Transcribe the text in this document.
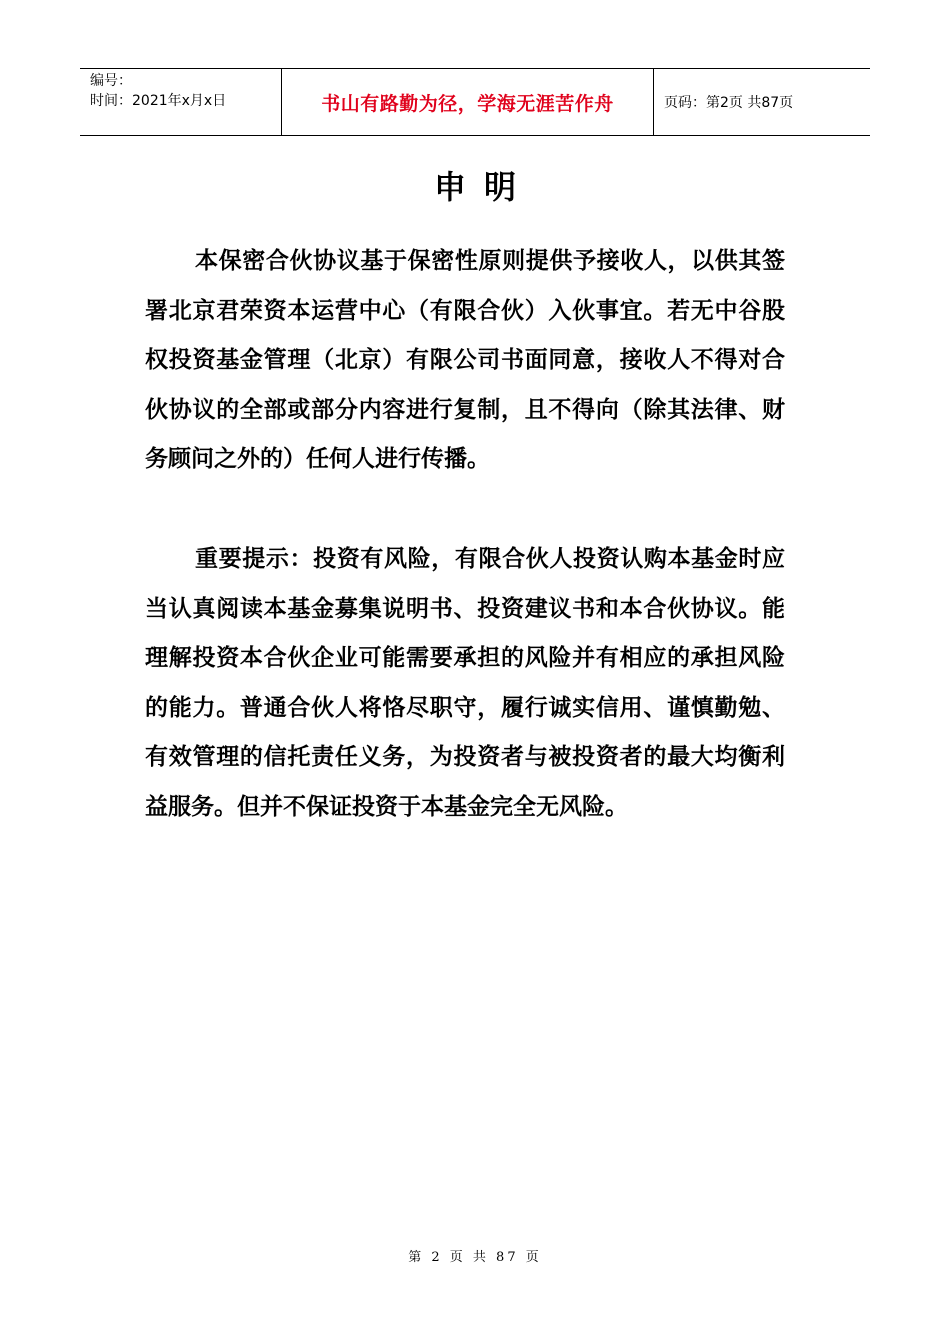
编号：
时间：2021年x月x日	书山有路勤为径，学海无涯苦作舟	页码：第2页 共87页
申明
本保密合伙协议基于保密性原则提供予接收人，以供其签署北京君荣资本运营中心（有限合伙）入伙事宜。若无中谷股权投资基金管理（北京）有限公司书面同意，接收人不得对合伙协议的全部或部分内容进行复制，且不得向（除其法律、财务顾问之外的）任何人进行传播。
重要提示：投资有风险，有限合伙人投资认购本基金时应当认真阅读本基金募集说明书、投资建议书和本合伙协议。能理解投资本合伙企业可能需要承担的风险并有相应的承担风险的能力。普通合伙人将恪尽职守，履行诚实信用、谨慎勤勉、有效管理的信托责任义务，为投资者与被投资者的最大均衡利益服务。但并不保证投资于本基金完全无风险。
第 2 页 共 87 页
